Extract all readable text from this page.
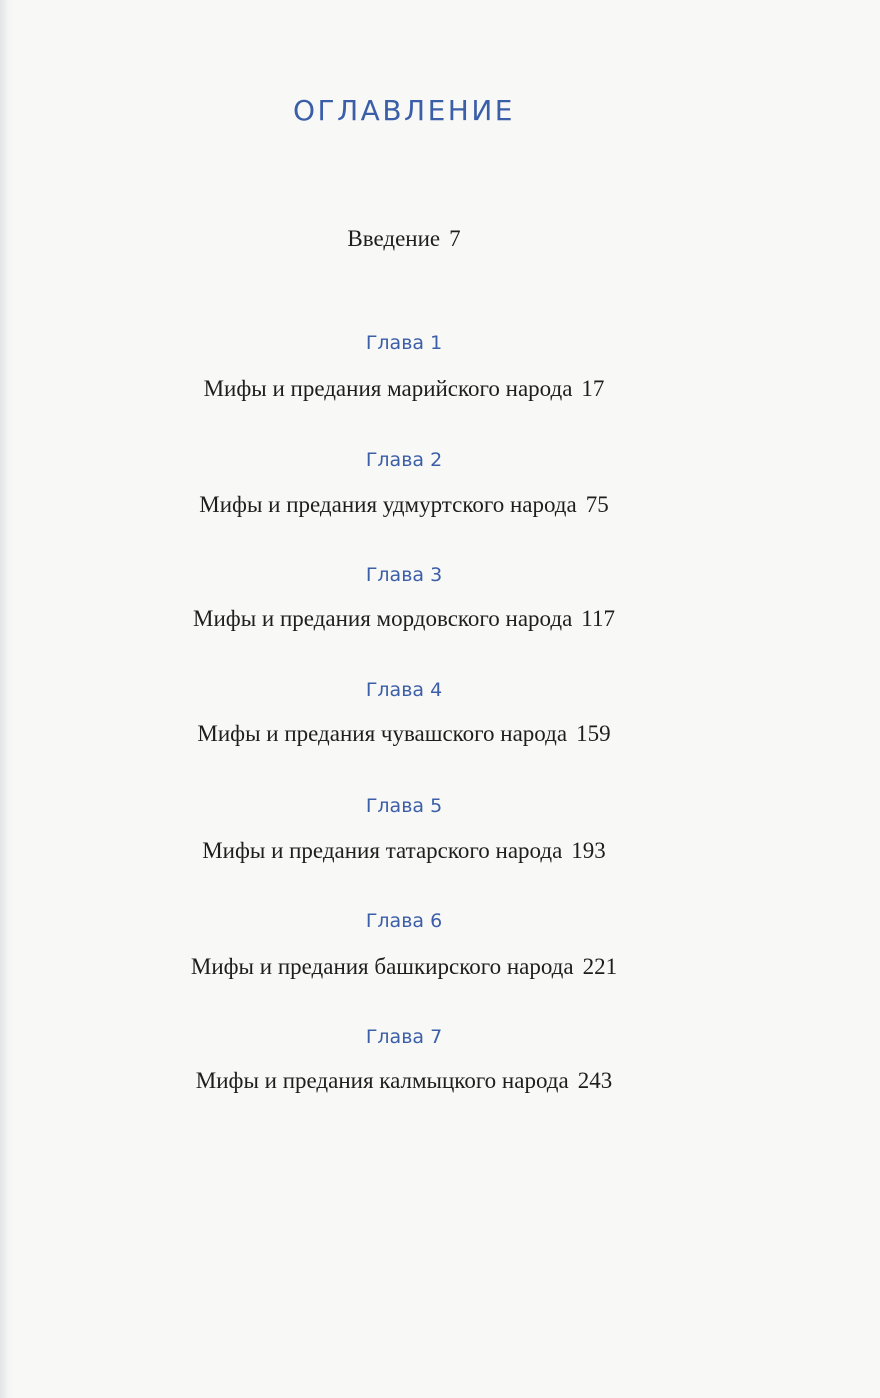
ОГЛАВЛЕНИЕ
Введение 7
Глава 1
Мифы и предания марийского народа 17
Глава 2
Мифы и предания удмуртского народа 75
Глава 3
Мифы и предания мордовского народа 117
Глава 4
Мифы и предания чувашского народа 159
Глава 5
Мифы и предания татарского народа 193
Глава 6
Мифы и предания башкирского народа 221
Глава 7
Мифы и предания калмыцкого народа 243
